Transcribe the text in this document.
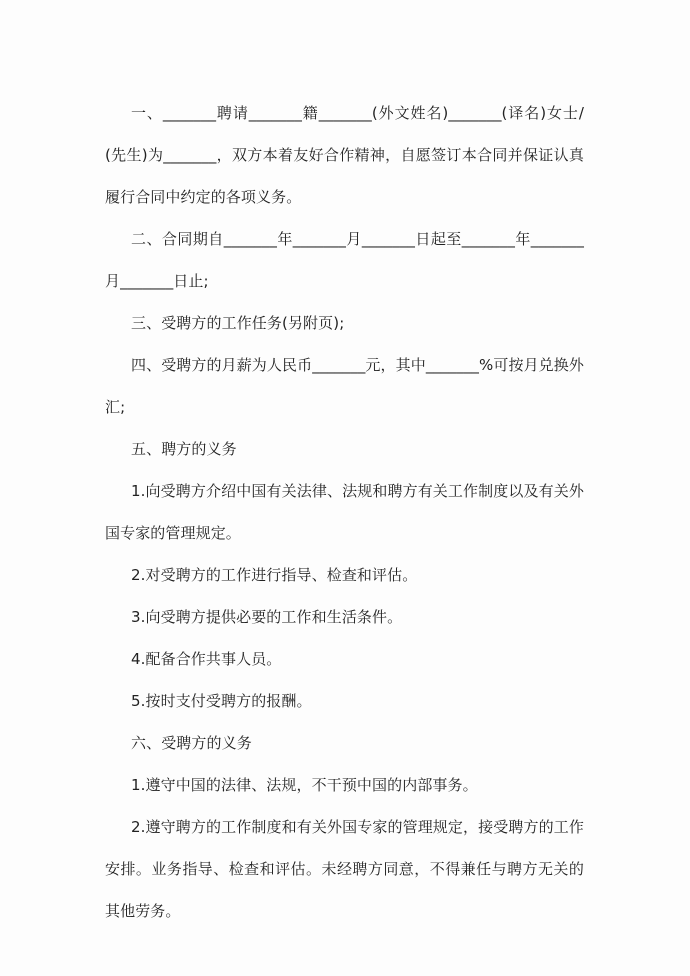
一、_______聘请_______籍_______(外文姓名)_______(译名)女士/(先生)为_______，双方本着友好合作精神，自愿签订本合同并保证认真履行合同中约定的各项义务。

二、合同期自_______年_______月_______日起至_______年_______月_______日止;

三、受聘方的工作任务(另附页);

四、受聘方的月薪为人民币_______元，其中_______%可按月兑换外汇;

五、聘方的义务

1.向受聘方介绍中国有关法律、法规和聘方有关工作制度以及有关外国专家的管理规定。

2.对受聘方的工作进行指导、检查和评估。

3.向受聘方提供必要的工作和生活条件。

4.配备合作共事人员。

5.按时支付受聘方的报酬。

六、受聘方的义务

1.遵守中国的法律、法规，不干预中国的内部事务。

2.遵守聘方的工作制度和有关外国专家的管理规定，接受聘方的工作安排。业务指导、检查和评估。未经聘方同意，不得兼任与聘方无关的其他劳务。
